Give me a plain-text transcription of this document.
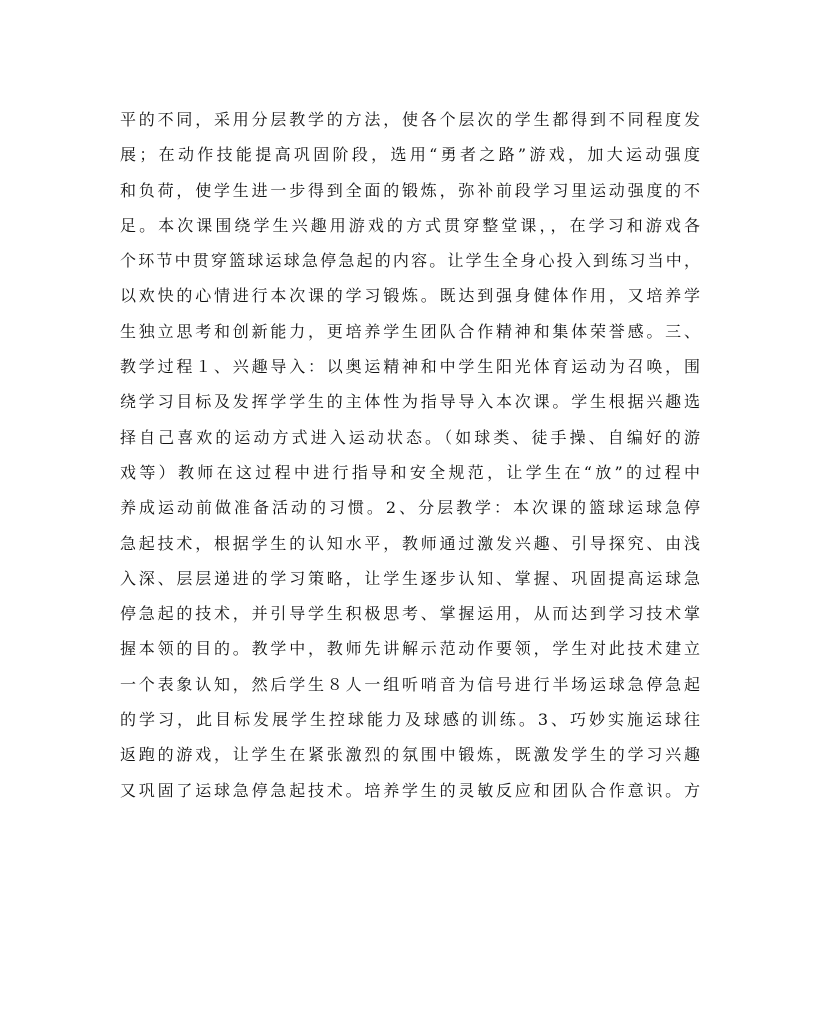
平的不同，采用分层教学的方法，使各个层次的学生都得到不同程度发
展；在动作技能提高巩固阶段，选用“勇者之路”游戏，加大运动强度
和负荷，使学生进一步得到全面的锻炼，弥补前段学习里运动强度的不
足。本次课围绕学生兴趣用游戏的方式贯穿整堂课，，在学习和游戏各
个环节中贯穿篮球运球急停急起的内容。让学生全身心投入到练习当中，
以欢快的心情进行本次课的学习锻炼。既达到强身健体作用，又培养学
生独立思考和创新能力，更培养学生团队合作精神和集体荣誉感。三、
教学过程１、兴趣导入：以奥运精神和中学生阳光体育运动为召唤，围
绕学习目标及发挥学学生的主体性为指导导入本次课。学生根据兴趣选
择自己喜欢的运动方式进入运动状态。（如球类、徒手操、自编好的游
戏等）教师在这过程中进行指导和安全规范，让学生在“放”的过程中
养成运动前做准备活动的习惯。2、分层教学：本次课的篮球运球急停
急起技术，根据学生的认知水平，教师通过激发兴趣、引导探究、由浅
入深、层层递进的学习策略，让学生逐步认知、掌握、巩固提高运球急
停急起的技术，并引导学生积极思考、掌握运用，从而达到学习技术掌
握本领的目的。教学中，教师先讲解示范动作要领，学生对此技术建立
一个表象认知，然后学生８人一组听哨音为信号进行半场运球急停急起
的学习，此目标发展学生控球能力及球感的训练。3、巧妙实施运球往
返跑的游戏，让学生在紧张激烈的氛围中锻炼，既激发学生的学习兴趣
又巩固了运球急停急起技术。培养学生的灵敏反应和团队合作意识。方
